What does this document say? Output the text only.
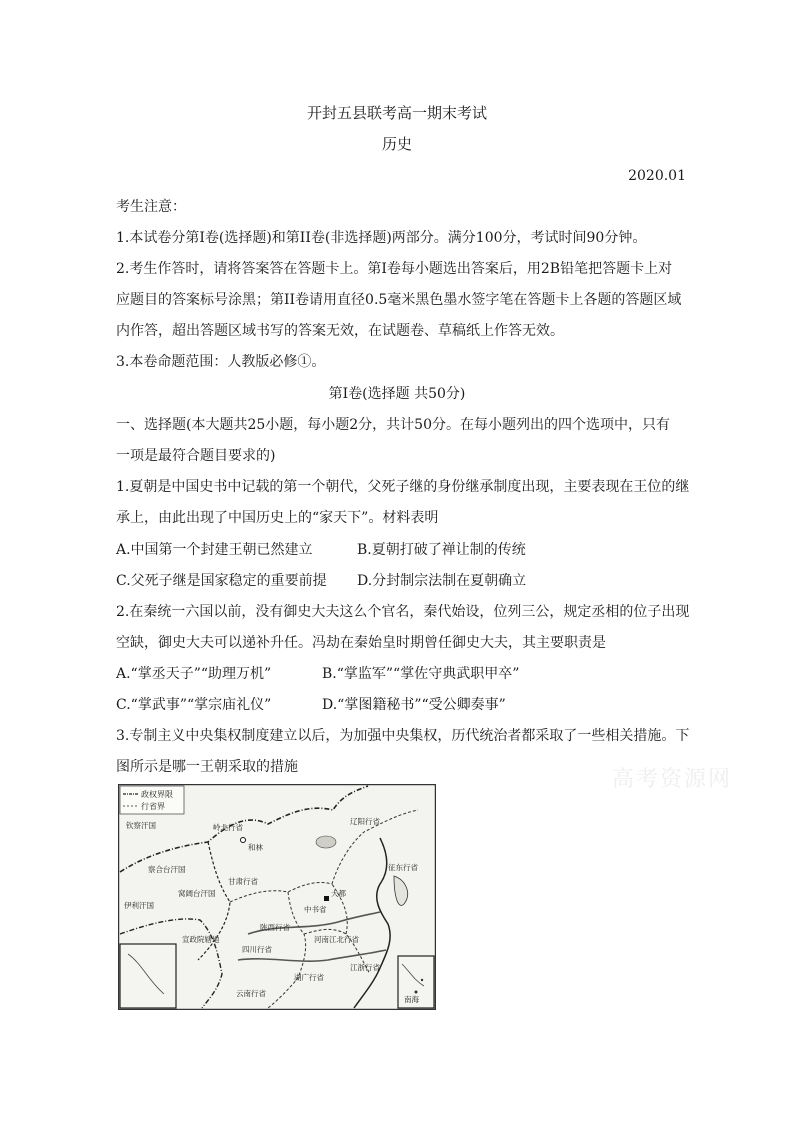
开封五县联考高一期末考试
历史
2020.01
考生注意：
1.本试卷分第I卷(选择题)和第II卷(非选择题)两部分。满分100分，考试时间90分钟。
2.考生作答时，请将答案答在答题卡上。第I卷每小题选出答案后，用2B铅笔把答题卡上对
应题目的答案标号涂黑；第II卷请用直径0.5毫米黑色墨水签字笔在答题卡上各题的答题区域
内作答，超出答题区域书写的答案无效，在试题卷、草稿纸上作答无效。
3.本卷命题范围：人教版必修①。
第I卷(选择题 共50分)
一、选择题(本大题共25小题，每小题2分，共计50分。在每小题列出的四个选项中，只有
一项是最符合题目要求的)
1.夏朝是中国史书中记载的第一个朝代，父死子继的身份继承制度出现，主要表现在王位的继
承上，由此出现了中国历史上的“家天下”。材料表明
A.中国第一个封建王朝已然建立	B.夏朝打破了禅让制的传统
C.父死子继是国家稳定的重要前提 D.分封制宗法制在夏朝确立
2.在秦统一六国以前，没有御史大夫这么个官名，秦代始设，位列三公，规定丞相的位子出现
空缺，御史大夫可以递补升任。冯劫在秦始皇时期曾任御史大夫，其主要职责是
A.“掌丞天子”“助理万机”	B.“掌监军”“掌佐守典武职甲卒”
C.“掌武事”“掌宗庙礼仪”	D.“掌图籍秘书”“受公卿奏事”
3.专制主义中央集权制度建立以后，为加强中央集权，历代统治者都采取了一些相关措施。下
图所示是哪一王朝采取的措施	高考资源网
政权界限
行省界
岭北行省
和林
甘肃行省
辽阳行省
中书省
大都
征东行省
陕西行省
河南江北行省
四川行省
江浙行省
湖广行省
云南行省
宣政院辖地
察合台汗国
钦察汗国
伊利汗国
窝阔台汗国
南海
